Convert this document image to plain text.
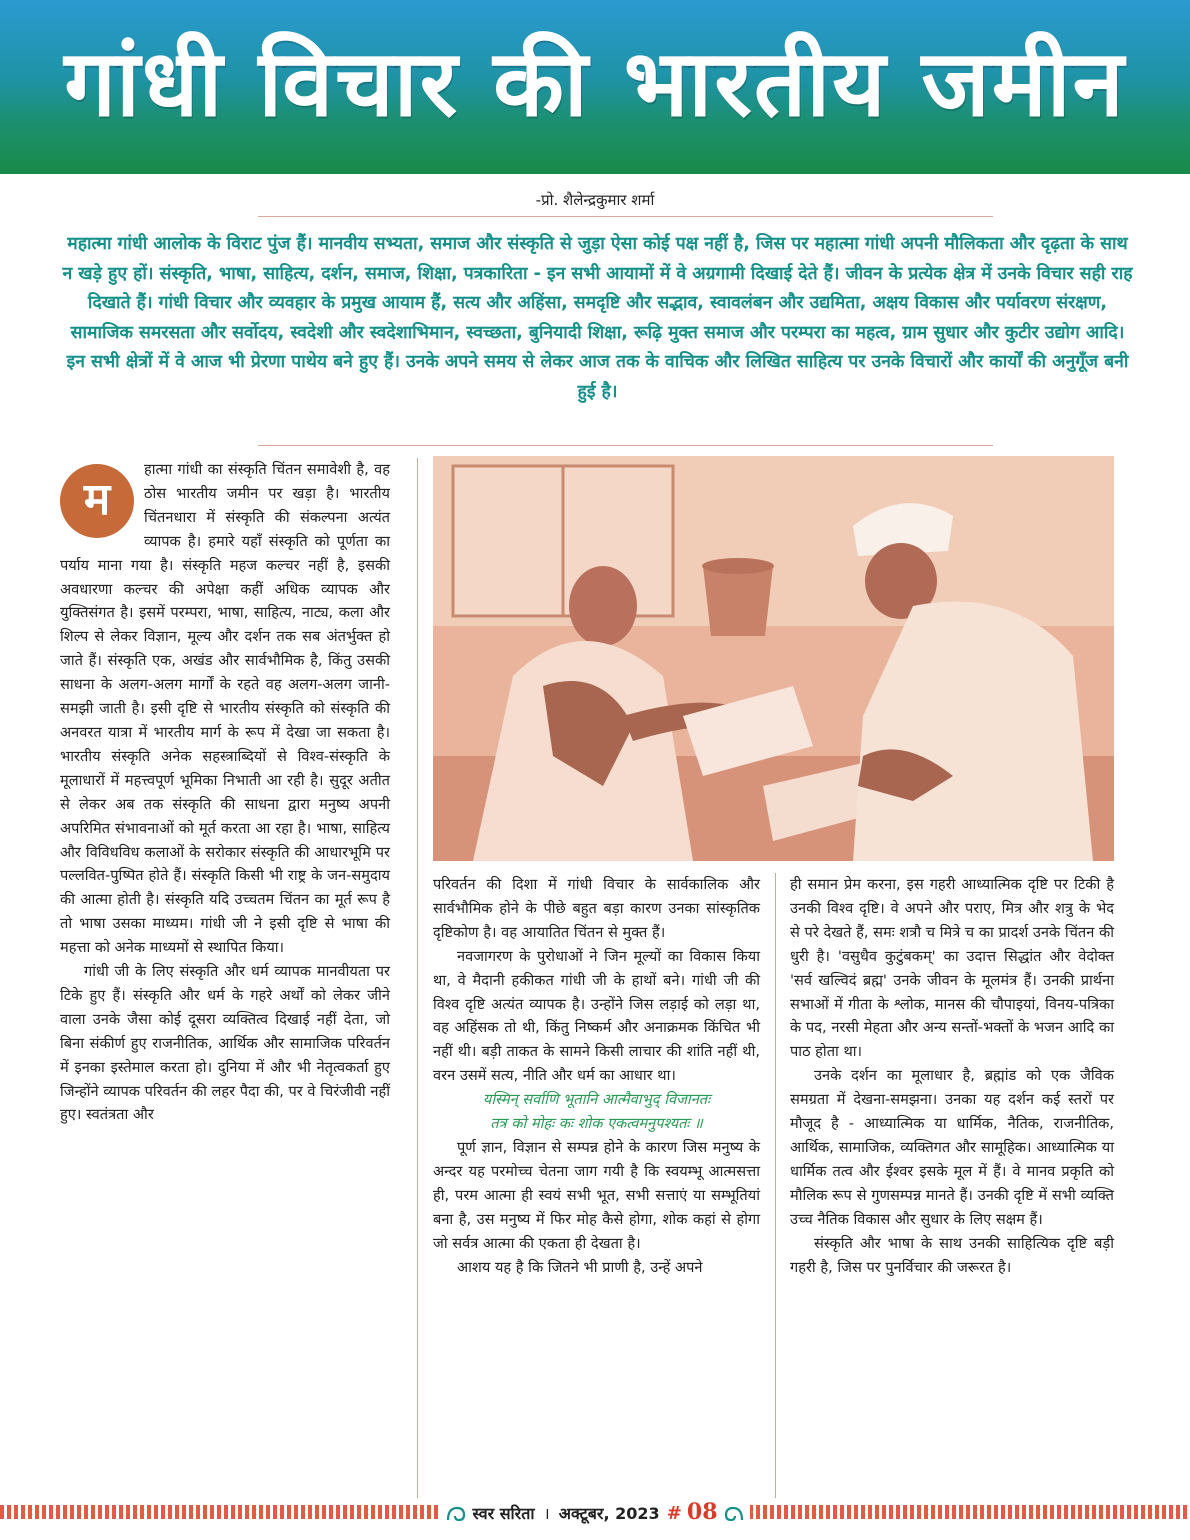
गांधी विचार की भारतीय जमीन
-प्रो. शैलेन्द्रकुमार शर्मा
महात्मा गांधी आलोक के विराट पुंज हैं। मानवीय सभ्यता, समाज और संस्कृति से जुड़ा ऐसा कोई पक्ष नहीं है, जिस पर महात्मा गांधी अपनी मौलिकता और दृढ़ता के साथ न खड़े हुए हों। संस्कृति, भाषा, साहित्य, दर्शन, समाज, शिक्षा, पत्रकारिता - इन सभी आयामों में वे अग्रगामी दिखाई देते हैं। जीवन के प्रत्येक क्षेत्र में उनके विचार सही राह दिखाते हैं। गांधी विचार और व्यवहार के प्रमुख आयाम हैं, सत्य और अहिंसा, समदृष्टि और सद्भाव, स्वावलंबन और उद्यमिता, अक्षय विकास और पर्यावरण संरक्षण, सामाजिक समरसता और सर्वोदय, स्वदेशी और स्वदेशाभिमान, स्वच्छता, बुनियादी शिक्षा, रूढ़ि मुक्त समाज और परम्परा का महत्व, ग्राम सुधार और कुटीर उद्योग आदि। इन सभी क्षेत्रों में वे आज भी प्रेरणा पाथेय बने हुए हैं। उनके अपने समय से लेकर आज तक के वाचिक और लिखित साहित्य पर उनके विचारों और कार्यों की अनुगूँज बनी हुई है।
म

हात्मा गांधी का संस्कृति चिंतन समावेशी है, वह ठोस भारतीय जमीन पर खड़ा है। भारतीय चिंतनधारा में संस्कृति की संकल्पना अत्यंत व्यापक है। हमारे यहाँ संस्कृति को पूर्णता का पर्याय माना गया है। संस्कृति महज कल्चर नहीं है, इसकी अवधारणा कल्चर की अपेक्षा कहीं अधिक व्यापक और युक्तिसंगत है। इसमें परम्परा, भाषा, साहित्य, नाट्य, कला और शिल्प से लेकर विज्ञान, मूल्य और दर्शन तक सब अंतर्भुक्त हो जाते हैं। संस्कृति एक, अखंड और सार्वभौमिक है, किंतु उसकी साधना के अलग-अलग मार्गों के रहते वह अलग-अलग जानी-समझी जाती है। इसी दृष्टि से भारतीय संस्कृति को संस्कृति की अनवरत यात्रा में भारतीय मार्ग के रूप में देखा जा सकता है। भारतीय संस्कृति अनेक सहस्त्राब्दियों से विश्व-संस्कृति के मूलाधारों में महत्त्वपूर्ण भूमिका निभाती आ रही है। सुदूर अतीत से लेकर अब तक संस्कृति की साधना द्वारा मनुष्य अपनी अपरिमित संभावनाओं को मूर्त करता आ रहा है। भाषा, साहित्य और विविधविध कलाओं के सरोकार संस्कृति की आधारभूमि पर पल्लवित-पुष्पित होते हैं। संस्कृति किसी भी राष्ट्र के जन-समुदाय की आत्मा होती है। संस्कृति यदि उच्चतम चिंतन का मूर्त रूप है तो भाषा उसका माध्यम। गांधी जी ने इसी दृष्टि से भाषा की महत्ता को अनेक माध्यमों से स्थापित किया।

गांधी जी के लिए संस्कृति और धर्म व्यापक मानवीयता पर टिके हुए हैं। संस्कृति और धर्म के गहरे अर्थों को लेकर जीने वाला उनके जैसा कोई दूसरा व्यक्तित्व दिखाई नहीं देता, जो बिना संकीर्ण हुए राजनीतिक, आर्थिक और सामाजिक परिवर्तन में इनका इस्तेमाल करता हो। दुनिया में और भी नेतृत्वकर्ता हुए जिन्होंने व्यापक परिवर्तन की लहर पैदा की, पर वे चिरंजीवी नहीं हुए। स्वतंत्रता और

परिवर्तन की दिशा में गांधी विचार के सार्वकालिक और सार्वभौमिक होने के पीछे बहुत बड़ा कारण उनका सांस्कृतिक दृष्टिकोण है। वह आयातित चिंतन से मुक्त हैं।

नवजागरण के पुरोधाओं ने जिन मूल्यों का विकास किया था, वे मैदानी हकीकत गांधी जी के हाथों बने। गांधी जी की विश्व दृष्टि अत्यंत व्यापक है। उन्होंने जिस लड़ाई को लड़ा था, वह अहिंसक तो थी, किंतु निष्कर्म और अनाक्रमक किंचित भी नहीं थी। बड़ी ताकत के सामने किसी लाचार की शांति नहीं थी, वरन उसमें सत्य, नीति और धर्म का आधार था।

यस्मिन् सर्वाणि भूतानि आत्मैवाभुद् विजानतः

तत्र को मोहः कः शोक एकत्वमनुपश्यतः ॥

पूर्ण ज्ञान, विज्ञान से सम्पन्न होने के कारण जिस मनुष्य के अन्दर यह परमोच्च चेतना जाग गयी है कि स्वयम्भू आत्मसत्ता ही, परम आत्मा ही स्वयं सभी भूत, सभी सत्ताएं या सम्भूतियां बना है, उस मनुष्य में फिर मोह कैसे होगा, शोक कहां से होगा जो सर्वत्र आत्मा की एकता ही देखता है।

आशय यह है कि जितने भी प्राणी है, उन्हें अपने

ही समान प्रेम करना, इस गहरी आध्यात्मिक दृष्टि पर टिकी है उनकी विश्व दृष्टि। वे अपने और पराए, मित्र और शत्रु के भेद से परे देखते हैं, समः शत्रौ च मित्रे च का प्रादर्श उनके चिंतन की धुरी है। 'वसुधैव कुटुंबकम्' का उदात्त सिद्धांत और वेदोक्त 'सर्व खल्विदं ब्रह्म' उनके जीवन के मूलमंत्र हैं। उनकी प्रार्थना सभाओं में गीता के श्लोक, मानस की चौपाइयां, विनय-पत्रिका के पद, नरसी मेहता और अन्य सन्तों-भक्तों के भजन आदि का पाठ होता था।

उनके दर्शन का मूलाधार है, ब्रह्मांड को एक जैविक समग्रता में देखना-समझना। उनका यह दर्शन कई स्तरों पर मौजूद है - आध्यात्मिक या धार्मिक, नैतिक, राजनीतिक, आर्थिक, सामाजिक, व्यक्तिगत और सामूहिक। आध्यात्मिक या धार्मिक तत्व और ईश्वर इसके मूल में हैं। वे मानव प्रकृति को मौलिक रूप से गुणसम्पन्न मानते हैं। उनकी दृष्टि में सभी व्यक्ति उच्च नैतिक विकास और सुधार के लिए सक्षम हैं।

संस्कृति और भाषा के साथ उनकी साहित्यिक दृष्टि बड़ी गहरी है, जिस पर पुनर्विचार की जरूरत है।

स्वर सरिता । अक्टूबर, 2023 # 08
